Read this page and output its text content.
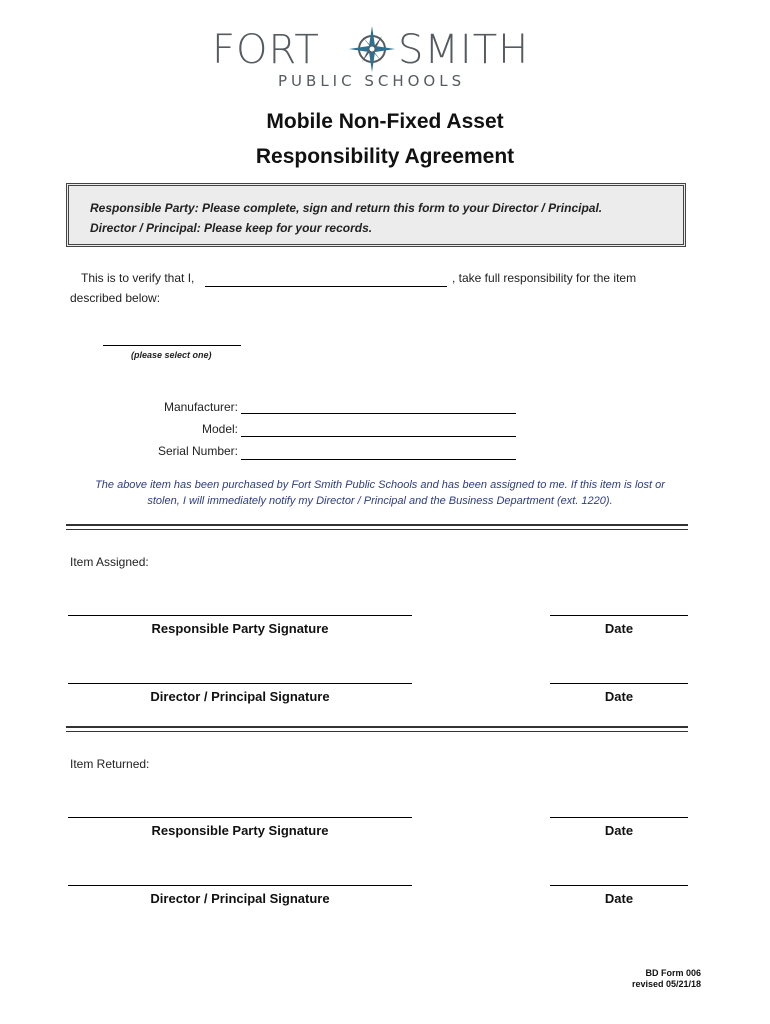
FORT SMITH
PUBLIC SCHOOLS
Mobile Non-Fixed Asset
Responsibility Agreement
Responsible Party: Please complete, sign and return this form to your Director / Principal.
Director / Principal: Please keep for your records.
This is to verify that I,	, take full responsibility for the item
described below:
(please select one)
Manufacturer:
Model:
Serial Number:
The above item has been purchased by Fort Smith Public Schools and has been assigned to me. If this item is lost or
stolen, I will immediately notify my Director / Principal and the Business Department (ext. 1220).
Item Assigned:
Responsible Party Signature	Date
Director / Principal Signature	Date
Item Returned:
Responsible Party Signature	Date
Director / Principal Signature	Date
BD Form 006
revised 05/21/18
